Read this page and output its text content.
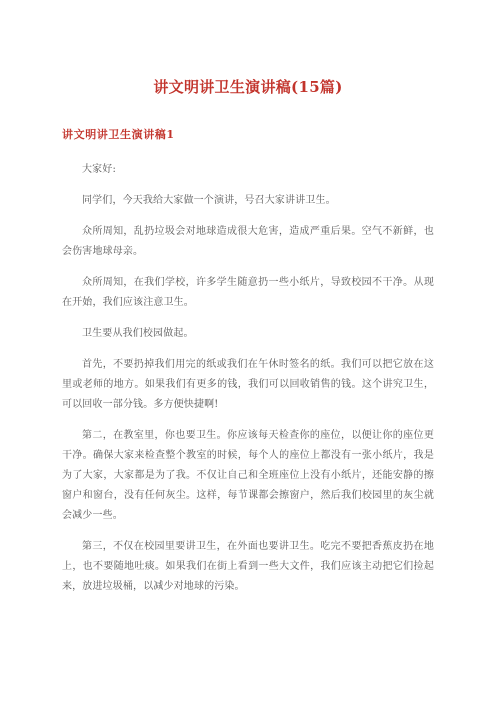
讲文明讲卫生演讲稿(15篇)
讲文明讲卫生演讲稿1

大家好:

同学们，今天我给大家做一个演讲，号召大家讲讲卫生。

众所周知，乱扔垃圾会对地球造成很大危害，造成严重后果。空气不新鲜，也会伤害地球母亲。

众所周知，在我们学校，许多学生随意扔一些小纸片，导致校园不干净。从现在开始，我们应该注意卫生。

卫生要从我们校园做起。

首先，不要扔掉我们用完的纸或我们在午休时签名的纸。我们可以把它放在这里或老师的地方。如果我们有更多的钱，我们可以回收销售的钱。这个讲究卫生，可以回收一部分钱。多方便快捷啊!

第二，在教室里，你也要卫生。你应该每天检查你的座位，以便让你的座位更干净。确保大家来检查整个教室的时候，每个人的座位上都没有一张小纸片，我是为了大家，大家都是为了我。不仅让自己和全班座位上没有小纸片，还能安静的擦窗户和窗台，没有任何灰尘。这样，每节课都会擦窗户，然后我们校园里的灰尘就会减少一些。

第三，不仅在校园里要讲卫生，在外面也要讲卫生。吃完不要把香蕉皮扔在地上，也不要随地吐痰。如果我们在街上看到一些大文件，我们应该主动把它们捡起来，放进垃圾桶，以减少对地球的污染。
